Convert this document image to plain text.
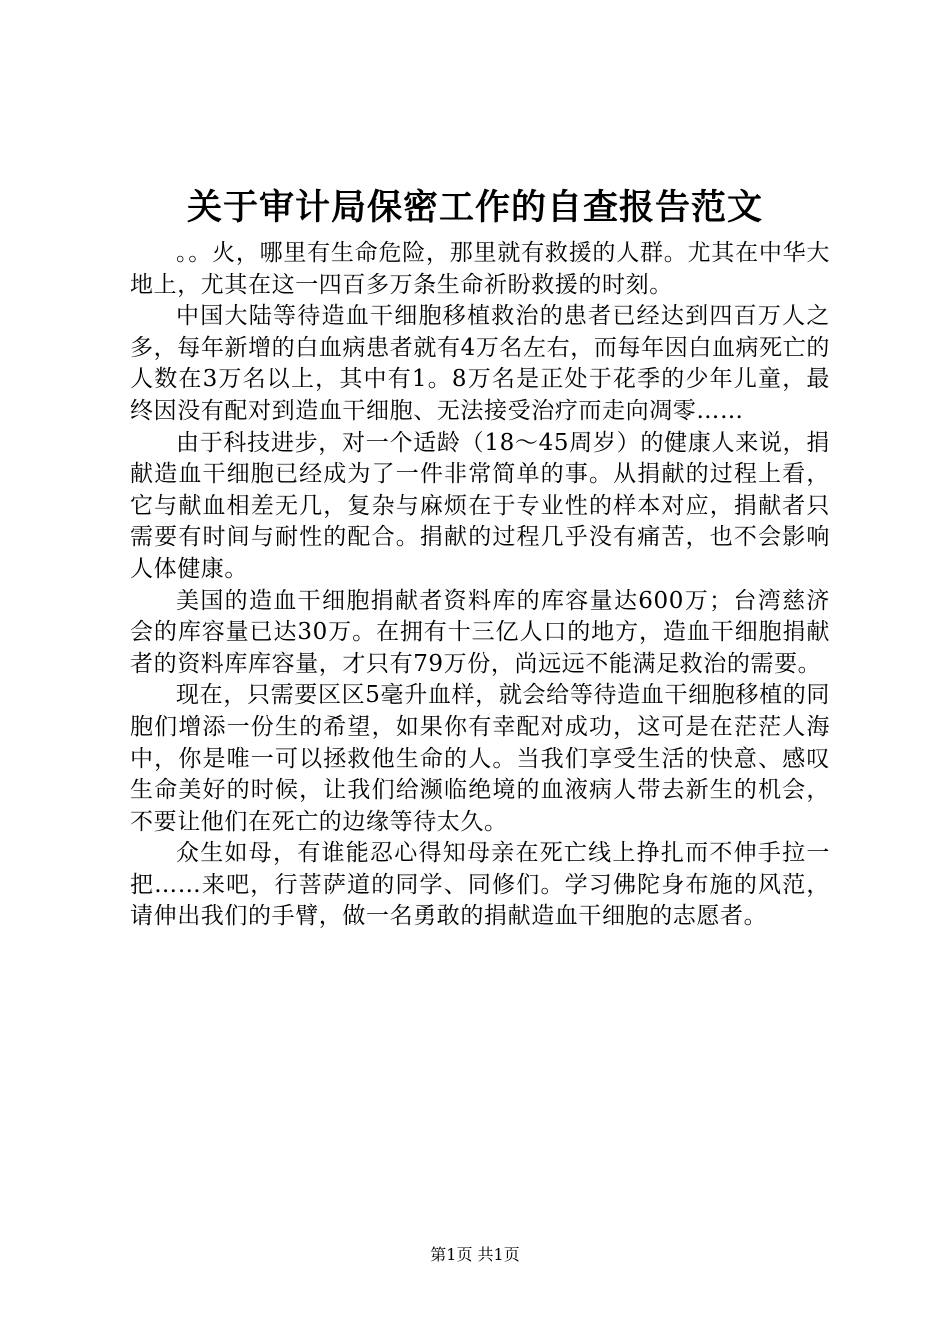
关于审计局保密工作的自查报告范文

。。火，哪里有生命危险，那里就有救援的人群。尤其在中华大地上，尤其在这一四百多万条生命祈盼救援的时刻。

中国大陆等待造血干细胞移植救治的患者已经达到四百万人之多，每年新增的白血病患者就有4万名左右，而每年因白血病死亡的人数在3万名以上，其中有1。8万名是正处于花季的少年儿童，最终因没有配对到造血干细胞、无法接受治疗而走向凋零……

由于科技进步，对一个适龄（18～45周岁）的健康人来说，捐献造血干细胞已经成为了一件非常简单的事。从捐献的过程上看，它与献血相差无几，复杂与麻烦在于专业性的样本对应，捐献者只需要有时间与耐性的配合。捐献的过程几乎没有痛苦，也不会影响人体健康。

美国的造血干细胞捐献者资料库的库容量达600万；台湾慈济会的库容量已达30万。在拥有十三亿人口的地方，造血干细胞捐献者的资料库库容量，才只有79万份，尚远远不能满足救治的需要。

现在，只需要区区5毫升血样，就会给等待造血干细胞移植的同胞们增添一份生的希望，如果你有幸配对成功，这可是在茫茫人海中，你是唯一可以拯救他生命的人。当我们享受生活的快意、感叹生命美好的时候，让我们给濒临绝境的血液病人带去新生的机会，不要让他们在死亡的边缘等待太久。

众生如母，有谁能忍心得知母亲在死亡线上挣扎而不伸手拉一把……来吧，行菩萨道的同学、同修们。学习佛陀身布施的风范，请伸出我们的手臂，做一名勇敢的捐献造血干细胞的志愿者。

第1页 共1页
